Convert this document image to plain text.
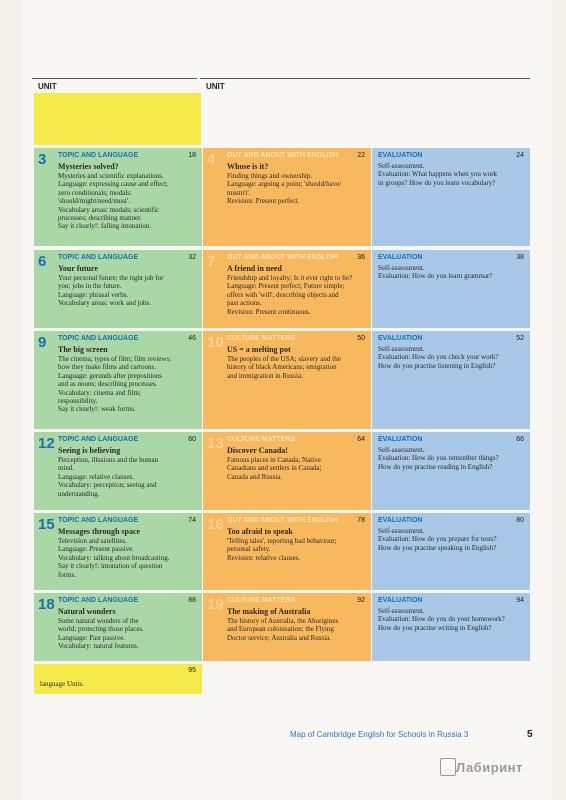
UNIT	UNIT
3 TOPIC AND LANGUAGE	18
Mysteries solved?
Mysteries and scientific explanations.
Language: expressing cause and effect;
zero conditionals; modals:
'should/might/need/must'.
Vocabulary areas: modals; scientific
processes; describing manner.
Say it clearly!: falling intonation.
4 OUT AND ABOUT WITH ENGLISH	22
Whose is it?
Finding things and ownership.
Language: arguing a point; 'should/have/
mustn't'.
Revision: Present perfect.
EVALUATION	24
Self-assessment.
Evaluation: What happens when you work
in groups? How do you learn vocabulary?
6 TOPIC AND LANGUAGE	32
Your future
Your personal future; the right job for
you; jobs in the future.
Language: phrasal verbs.
Vocabulary areas: work and jobs.
7 OUT AND ABOUT WITH ENGLISH	36
A friend in need
Friendship and loyalty; Is it ever right to lie?
Language: Present perfect; Future simple;
offers with 'will', describing objects and
past actions.
Revision: Present continuous.
EVALUATION	38
Self-assessment.
Evaluation: How do you learn grammar?
9 TOPIC AND LANGUAGE	46
The big screen
The cinema; types of film; film reviews;
how they make films and cartoons.
Language: gerunds after prepositions
and as nouns; describing processes.
Vocabulary: cinema and film;
responsibility.
Say it clearly!: weak forms.
10 CULTURE MATTERS	50
US = a melting pot
The peoples of the USA; slavery and the
history of black Americans; emigration
and immigration in Russia.
EVALUATION	52
Self-assessment.
Evaluation: How do you check your work?
How do you practise listening in English?
12 TOPIC AND LANGUAGE	60
Seeing is believing
Perception, illusions and the human
mind.
Language: relative clauses.
Vocabulary: perception; seeing and
understanding.
13 CULTURE MATTERS	64
Discover Canada!
Famous places in Canada; Native
Canadians and settlers in Canada;
Canada and Russia.
EVALUATION	66
Self-assessment.
Evaluation: How do you remember things?
How do you practise reading in English?
15 TOPIC AND LANGUAGE	74
Messages through space
Television and satellites.
Language: Present passive.
Vocabulary: talking about broadcasting.
Say it clearly!: intonation of question
forms.
16 OUT AND ABOUT WITH ENGLISH	78
Too afraid to speak
'Telling tales', reporting bad behaviour;
personal safety.
Revision: relative clauses.
EVALUATION	80
Self-assessment.
Evaluation: How do you prepare for tests?
How do you practise speaking in English?
18 TOPIC AND LANGUAGE	88
Natural wonders
Some natural wonders of the
world; protecting those places.
Language: Past passive.
Vocabulary: natural features.
19 CULTURE MATTERS	92
The making of Australia
The history of Australia, the Aborigines
and European colonisation; the Flying
Doctor service; Australia and Russia.
EVALUATION	94
Self-assessment.
Evaluation: How do you do your homework?
How do you practise writing in English?
95
language Units.
Map of Cambridge English for Schools in Russia 3	5
Лабиринт
